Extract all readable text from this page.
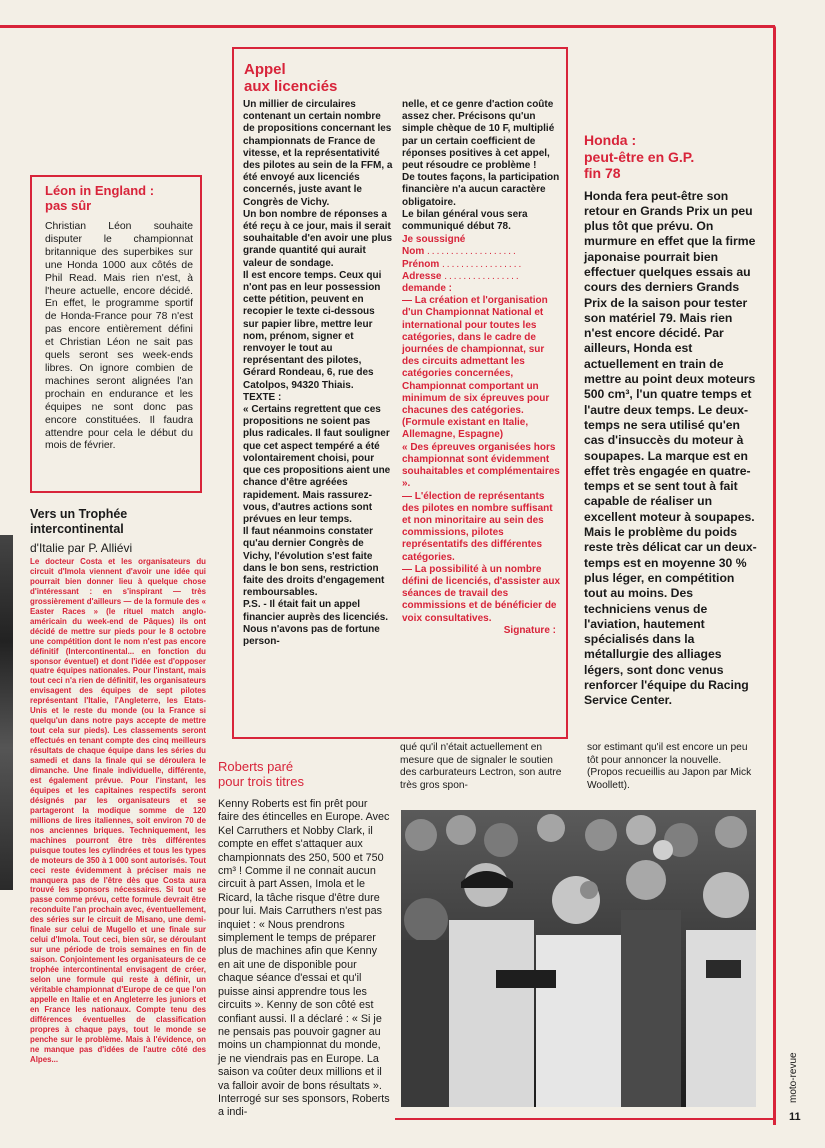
Léon in England :
pas sûr

Christian Léon souhaite disputer le championnat britannique des superbikes sur une Honda 1000 aux côtés de Phil Read. Mais rien n'est, à l'heure actuelle, encore décidé. En effet, le programme sportif de Honda-France pour 78 n'est pas encore entièrement défini et Christian Léon ne sait pas quels seront ses week-ends libres. On ignore combien de machines seront alignées l'an prochain en endurance et les équipes ne sont donc pas encore constituées. Il faudra attendre pour cela le début du mois de février.

Appel
aux licenciés

Un millier de circulaires contenant un certain nombre de propositions concernant les championnats de France de vitesse, et la représentativité des pilotes au sein de la FFM, a été envoyé aux licenciés concernés, juste avant le Congrès de Vichy.

Un bon nombre de réponses a été reçu à ce jour, mais il serait souhaitable d'en avoir une plus grande quantité qui aurait valeur de sondage.

Il est encore temps. Ceux qui n'ont pas en leur possession cette pétition, peuvent en recopier le texte ci-dessous sur papier libre, mettre leur nom, prénom, signer et renvoyer le tout au représentant des pilotes, Gérard Rondeau, 6, rue des Catolpos, 94320 Thiais.

TEXTE :

« Certains regrettent que ces propositions ne soient pas plus radicales. Il faut souligner que cet aspect tempéré a été volontairement choisi, pour que ces propositions aient une chance d'être agréées rapidement. Mais rassurez-vous, d'autres actions sont prévues en leur temps.

Il faut néanmoins constater qu'au dernier Congrès de Vichy, l'évolution s'est faite dans le bon sens, restriction faite des droits d'engagement remboursables.

P.S. - Il était fait un appel financier auprès des licenciés. Nous n'avons pas de fortune person-

nelle, et ce genre d'action coûte assez cher. Précisons qu'un simple chèque de 10 F, multiplié par un certain coefficient de réponses positives à cet appel, peut résoudre ce problème !

De toutes façons, la participation financière n'a aucun caractère obligatoire.

Le bilan général vous sera communiqué début 78.

Je soussigné

Nom ...................

Prénom .................

Adresse ................

demande :

— La création et l'organisation d'un Championnat National et international pour toutes les catégories, dans le cadre de journées de championnat, sur des circuits admettant les catégories concernées, Championnat comportant un minimum de six épreuves pour chacunes des catégories. (Formule existant en Italie, Allemagne, Espagne)

« Des épreuves organisées hors championnat sont évidemment souhaitables et complémentaires ».

— L'élection de représentants des pilotes en nombre suffisant et non minoritaire au sein des commissions, pilotes représentatifs des différentes catégories.

— La possibilité à un nombre défini de licenciés, d'assister aux séances de travail des commissions et de bénéficier de voix consultatives.

Signature :

Honda :
peut-être en G.P.
fin 78

Honda fera peut-être son retour en Grands Prix un peu plus tôt que prévu. On murmure en effet que la firme japonaise pourrait bien effectuer quelques essais au cours des derniers Grands Prix de la saison pour tester son matériel 79. Mais rien n'est encore décidé. Par ailleurs, Honda est actuellement en train de mettre au point deux moteurs 500 cm³, l'un quatre temps et l'autre deux temps. Le deux-temps ne sera utilisé qu'en cas d'insuccès du moteur à soupapes. La marque est en effet très engagée en quatre-temps et se sent tout à fait capable de réaliser un excellent moteur à soupapes. Mais le problème du poids reste très délicat car un deux-temps est en moyenne 30 % plus léger, en compétition tout au moins. Des techniciens venus de l'aviation, hautement spécialisés dans la métallurgie des alliages légers, sont donc venus renforcer l'équipe du Racing Service Center.

Vers un Trophée
intercontinental
d'Italie par P. Alliévi

Le docteur Costa et les organisateurs du circuit d'Imola viennent d'avoir une idée qui pourrait bien donner lieu à quelque chose d'intéressant : en s'inspirant — très grossièrement d'ailleurs — de la formule des « Easter Races » (le rituel match anglo-américain du week-end de Pâques) ils ont décidé de mettre sur pieds pour le 8 octobre une compétition dont le nom n'est pas encore définitif (Intercontinental... en fonction du sponsor éventuel) et dont l'idée est d'opposer quatre équipes nationales. Pour l'instant, mais tout ceci n'a rien de définitif, les organisateurs envisagent des équipes de sept pilotes représentant l'Italie, l'Angleterre, les Etats-Unis et le reste du monde (ou la France si quelqu'un dans notre pays accepte de mettre tout cela sur pieds). Les classements seront effectués en tenant compte des cinq meilleurs résultats de chaque équipe dans les séries du samedi et dans la finale qui se déroulera le dimanche. Une finale individuelle, différente, est également prévue. Pour l'instant, les équipes et les capitaines respectifs seront désignés par les organisateurs et se partageront la modique somme de 120 millions de lires italiennes, soit environ 70 de nos anciennes briques. Techniquement, les machines pourront être très différentes puisque toutes les cylindrées et tous les types de moteurs de 350 à 1 000 sont autorisés. Tout ceci reste évidemment à préciser mais ne manquera pas de l'être dès que Costa aura trouvé les sponsors nécessaires. Si tout se passe comme prévu, cette formule devrait être reconduite l'an prochain avec, éventuellement, des séries sur le circuit de Misano, une demi-finale sur celui de Mugello et une finale sur celui d'Imola. Tout ceci, bien sûr, se déroulant sur une période de trois semaines en fin de saison. Conjointement les organisateurs de ce trophée intercontinental envisagent de créer, selon une formule qui reste à définir, un véritable championnat d'Europe de ce que l'on appelle en Italie et en Angleterre les juniors et en France les nationaux. Compte tenu des différences éventuelles de classification propres à chaque pays, tout le monde se penche sur le problème. Mais à l'évidence, on ne manque pas d'idées de l'autre côté des Alpes...

Roberts paré
pour trois titres

Kenny Roberts est fin prêt pour faire des étincelles en Europe. Avec Kel Carruthers et Nobby Clark, il compte en effet s'attaquer aux championnats des 250, 500 et 750 cm³ ! Comme il ne connait aucun circuit à part Assen, Imola et le Ricard, la tâche risque d'être dure pour lui. Mais Carruthers n'est pas inquiet : « Nous prendrons simplement le temps de préparer plus de machines afin que Kenny en ait une de disponible pour chaque séance d'essai et qu'il puisse ainsi apprendre tous les circuits ». Kenny de son côté est confiant aussi. Il a déclaré : « Si je ne pensais pas pouvoir gagner au moins un championnat du monde, je ne viendrais pas en Europe. La saison va coûter deux millions et il va falloir avoir de bons résultats ». Interrogé sur ses sponsors, Roberts a indi-

qué qu'il n'était actuellement en mesure que de signaler le soutien des carburateurs Lectron, son autre très gros spon-

sor estimant qu'il est encore un peu tôt pour annoncer la nouvelle. (Propos recueillis au Japon par Mick Woollett).

moto-revue
11
